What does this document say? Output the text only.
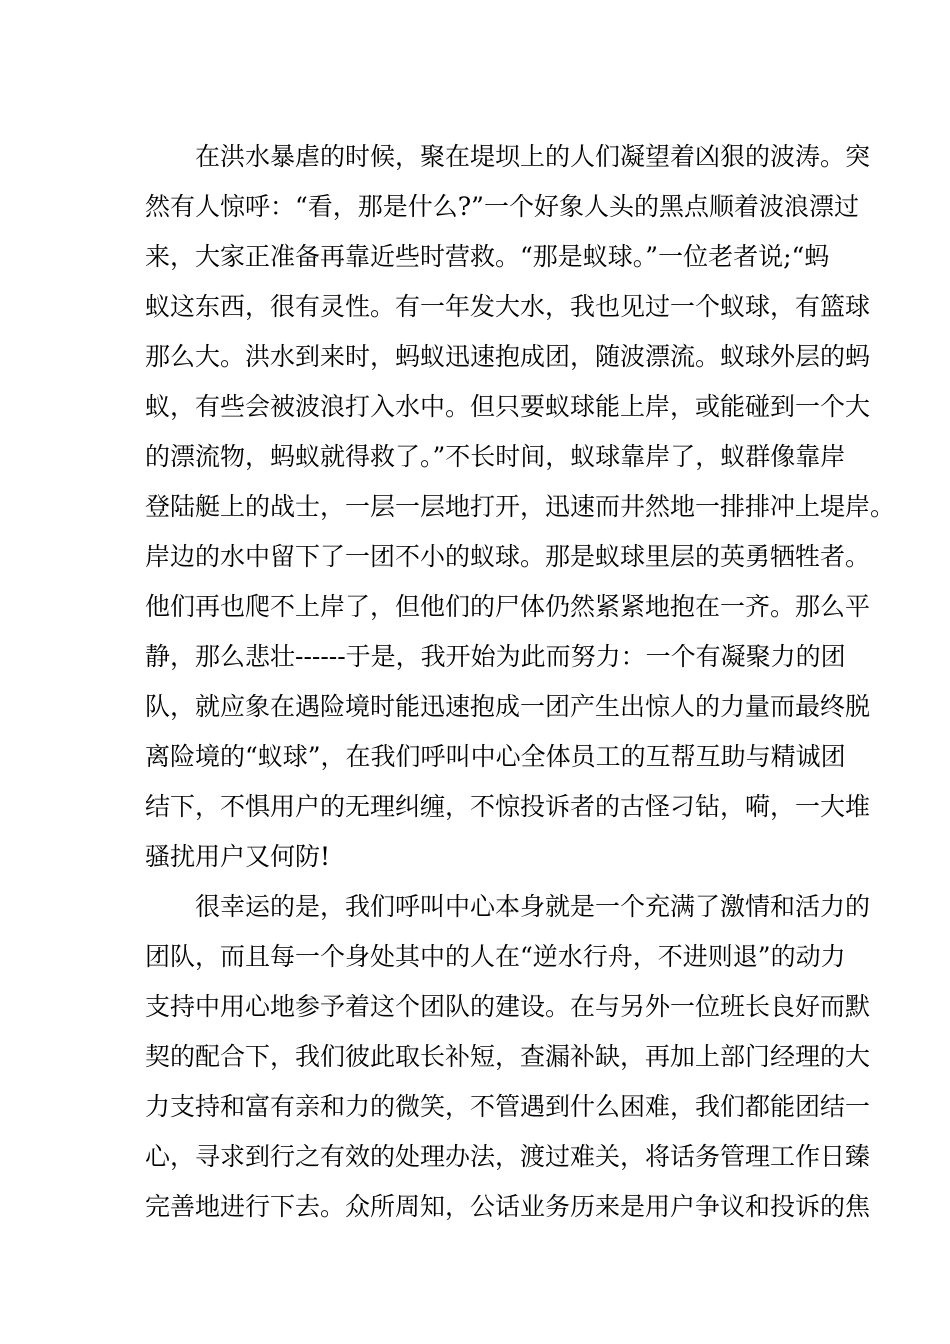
在洪水暴虐的时候，聚在堤坝上的人们凝望着凶狠的波涛。突
然有人惊呼：“看，那是什么?”一个好象人头的黑点顺着波浪漂过
来，大家正准备再靠近些时营救。“那是蚁球。”一位老者说;“蚂
蚁这东西，很有灵性。有一年发大水，我也见过一个蚁球，有篮球
那么大。洪水到来时，蚂蚁迅速抱成团，随波漂流。蚁球外层的蚂
蚁，有些会被波浪打入水中。但只要蚁球能上岸，或能碰到一个大
的漂流物，蚂蚁就得救了。”不长时间，蚁球靠岸了，蚁群像靠岸
登陆艇上的战士，一层一层地打开，迅速而井然地一排排冲上堤岸。
岸边的水中留下了一团不小的蚁球。那是蚁球里层的英勇牺牲者。
他们再也爬不上岸了，但他们的尸体仍然紧紧地抱在一齐。那么平
静，那么悲壮------于是，我开始为此而努力：一个有凝聚力的团
队，就应象在遇险境时能迅速抱成一团产生出惊人的力量而最终脱
离险境的“蚁球”，在我们呼叫中心全体员工的互帮互助与精诚团
结下，不惧用户的无理纠缠，不惊投诉者的古怪刁钻，嗬，一大堆
骚扰用户又何防!
很幸运的是，我们呼叫中心本身就是一个充满了激情和活力的
团队，而且每一个身处其中的人在“逆水行舟，不进则退”的动力
支持中用心地参予着这个团队的建设。在与另外一位班长良好而默
契的配合下，我们彼此取长补短，查漏补缺，再加上部门经理的大
力支持和富有亲和力的微笑，不管遇到什么困难，我们都能团结一
心，寻求到行之有效的处理办法，渡过难关，将话务管理工作日臻
完善地进行下去。众所周知，公话业务历来是用户争议和投诉的焦
